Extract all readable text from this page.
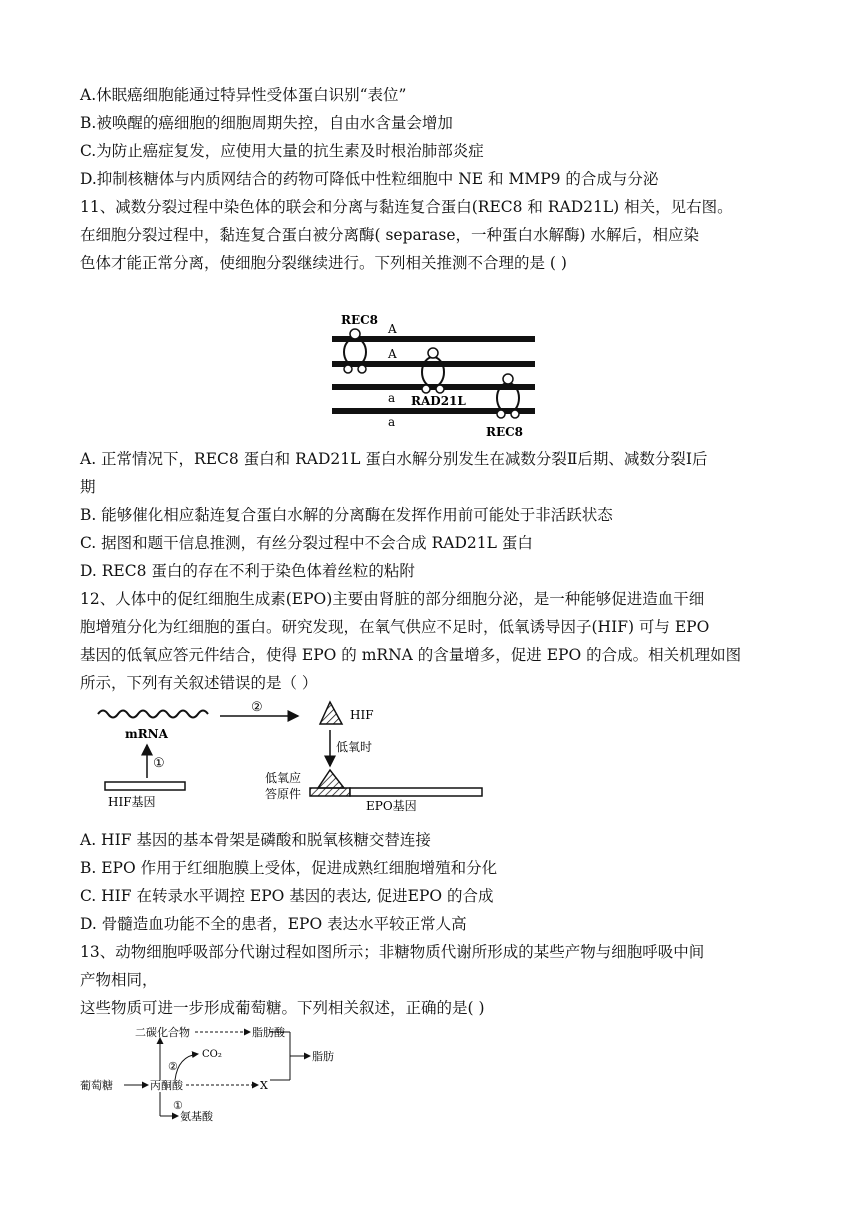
A.休眠癌细胞能通过特异性受体蛋白识别“表位”
B.被唤醒的癌细胞的细胞周期失控，自由水含量会增加
C.为防止癌症复发，应使用大量的抗生素及时根治肺部炎症
D.抑制核糖体与内质网结合的药物可降低中性粒细胞中 NE 和 MMP9 的合成与分泌
11、减数分裂过程中染色体的联会和分离与黏连复合蛋白(REC8 和 RAD21L) 相关，见右图。
在细胞分裂过程中，黏连复合蛋白被分离酶( separase，一种蛋白水解酶) 水解后，相应染
色体才能正常分离，使细胞分裂继续进行。下列相关推测不合理的是 ( )
REC8
A
A
a
a
RAD21L
REC8
A. 正常情况下，REC8 蛋白和 RAD21L 蛋白水解分别发生在减数分裂Ⅱ后期、减数分裂Ⅰ后
期
B. 能够催化相应黏连复合蛋白水解的分离酶在发挥作用前可能处于非活跃状态
C. 据图和题干信息推测，有丝分裂过程中不会合成 RAD21L 蛋白
D. REC8 蛋白的存在不利于染色体着丝粒的粘附
12、人体中的促红细胞生成素(EPO)主要由肾脏的部分细胞分泌，是一种能够促进造血干细
胞增殖分化为红细胞的蛋白。研究发现，在氧气供应不足时，低氧诱导因子(HIF) 可与 EPO
基因的低氧应答元件结合，使得 EPO 的 mRNA 的含量增多，促进 EPO 的合成。相关机理如图
所示，下列有关叙述错误的是（ ）
mRNA
①
HIF基因
②	HIF
低氧时
低氧应
答原件
EPO基因
A. HIF 基因的基本骨架是磷酸和脱氧核糖交替连接
B. EPO 作用于红细胞膜上受体，促进成熟红细胞增殖和分化
C. HIF 在转录水平调控 EPO 基因的表达, 促进EPO 的合成
D. 骨髓造血功能不全的患者，EPO 表达水平较正常人高
13、动物细胞呼吸部分代谢过程如图所示；非糖物质代谢所形成的某些产物与细胞呼吸中间
产物相同，
这些物质可进一步形成葡萄糖。下列相关叙述，正确的是( )
二碳化合物	脂肪酸
CO₂
②
脂肪
葡萄糖	丙酮酸	X
①
氨基酸
